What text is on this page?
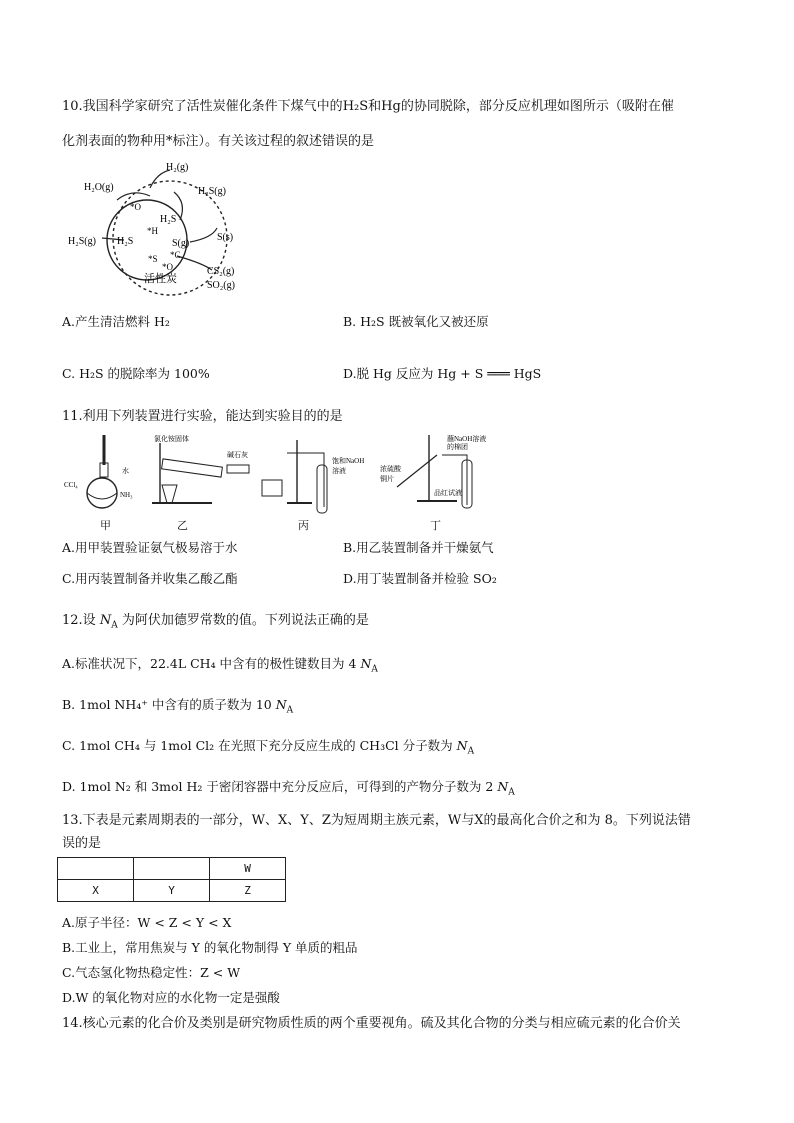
10.我国科学家研究了活性炭催化条件下煤气中的H₂S和Hg的协同脱除，部分反应机理如图所示（吸附在催
化剂表面的物种用*标注）。有关该过程的叙述错误的是
H₂(g)
H₂O(g)	H₂S(g)
H₂S(g)
*O
*H
H₂S
H₂S	S(g)
S(s)
*C
*S
*O	CS₂(g)
SO₂(g)
活性炭
A.产生清洁燃料 H₂	B. H₂S 既被氧化又被还原
C. H₂S 的脱除率为 100%	D.脱 Hg 反应为 Hg + S ═══ HgS
11.利用下列装置进行实验，能达到实验目的的是
水
CCl₄
NH₃
氯化铵固体
碱石灰
饱和NaOH
溶液	浓硫酸
铜片
蘸NaOH溶液
的棉团
品红试液
甲	乙	丙	丁
A.用甲装置验证氨气极易溶于水	B.用乙装置制备并干燥氨气
C.用丙装置制备并收集乙酸乙酯	D.用丁装置制备并检验 SO₂
12.设 $N_A$ 为阿伏加德罗常数的值。下列说法正确的是
A.标准状况下，22.4L CH₄ 中含有的极性键数目为 4 $N_A$
B. 1mol NH₄⁺ 中含有的质子数为 10 $N_A$
C. 1mol CH₄ 与 1mol Cl₂ 在光照下充分反应生成的 CH₃Cl 分子数为 $N_A$
D. 1mol N₂ 和 3mol H₂ 于密闭容器中充分反应后，可得到的产物分子数为 2 $N_A$
13.下表是元素周期表的一部分，W、X、Y、Z为短周期主族元素，W与X的最高化合价之和为 8。下列说法错
误的是
		W
X	Y	Z
A.原子半径：W < Z < Y < X
B.工业上，常用焦炭与 Y 的氧化物制得 Y 单质的粗品
C.气态氢化物热稳定性：Z < W
D.W 的氧化物对应的水化物一定是强酸
14.核心元素的化合价及类别是研究物质性质的两个重要视角。硫及其化合物的分类与相应硫元素的化合价关
